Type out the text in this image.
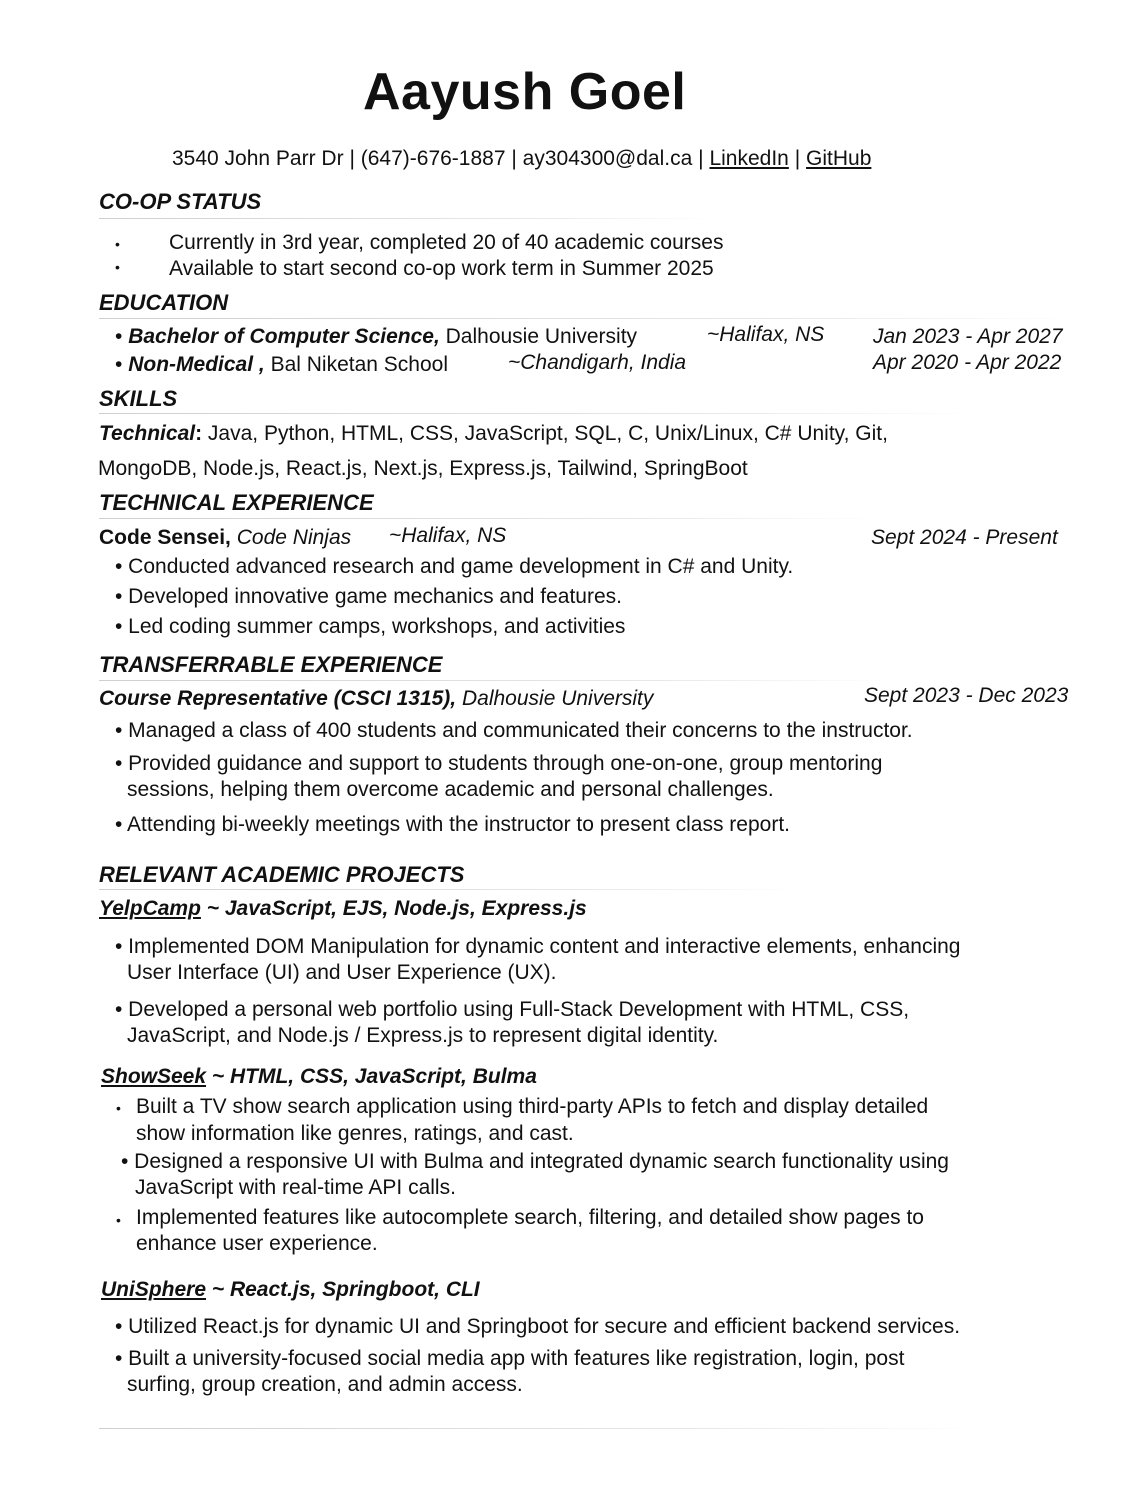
Aayush Goel
3540 John Parr Dr | (647)-676-1887 | ay304300@dal.ca | LinkedIn | GitHub
CO-OP STATUS
• Currently in 3rd year, completed 20 of 40 academic courses
• Available to start second co-op work term in Summer 2025
EDUCATION
• Bachelor of Computer Science, Dalhousie University	~Halifax, NS Jan 2023 - Apr 2027
• Non-Medical , Bal Niketan School	~Chandigarh, India	Apr 2020 - Apr 2022
SKILLS
Technical: Java, Python, HTML, CSS, JavaScript, SQL, C, Unix/Linux, C# Unity, Git,
MongoDB, Node.js, React.js, Next.js, Express.js, Tailwind, SpringBoot
TECHNICAL EXPERIENCE
Code Sensei, Code Ninjas ~Halifax, NS	Sept 2024 - Present
• Conducted advanced research and game development in C# and Unity.
• Developed innovative game mechanics and features.
• Led coding summer camps, workshops, and activities
TRANSFERRABLE EXPERIENCE
Course Representative (CSCI 1315), Dalhousie University	Sept 2023 - Dec 2023
• Managed a class of 400 students and communicated their concerns to the instructor.
• Provided guidance and support to students through one-on-one, group mentoring
sessions, helping them overcome academic and personal challenges.
• Attending bi-weekly meetings with the instructor to present class report.
RELEVANT ACADEMIC PROJECTS
YelpCamp ~ JavaScript, EJS, Node.js, Express.js
• Implemented DOM Manipulation for dynamic content and interactive elements, enhancing
User Interface (UI) and User Experience (UX).
• Developed a personal web portfolio using Full-Stack Development with HTML, CSS,
JavaScript, and Node.js / Express.js to represent digital identity.
ShowSeek ~ HTML, CSS, JavaScript, Bulma
• Built a TV show search application using third-party APIs to fetch and display detailed
show information like genres, ratings, and cast.
• Designed a responsive UI with Bulma and integrated dynamic search functionality using
JavaScript with real-time API calls.
• Implemented features like autocomplete search, filtering, and detailed show pages to
enhance user experience.
UniSphere ~ React.js, Springboot, CLI
• Utilized React.js for dynamic UI and Springboot for secure and efficient backend services.
• Built a university-focused social media app with features like registration, login, post
surfing, group creation, and admin access.
